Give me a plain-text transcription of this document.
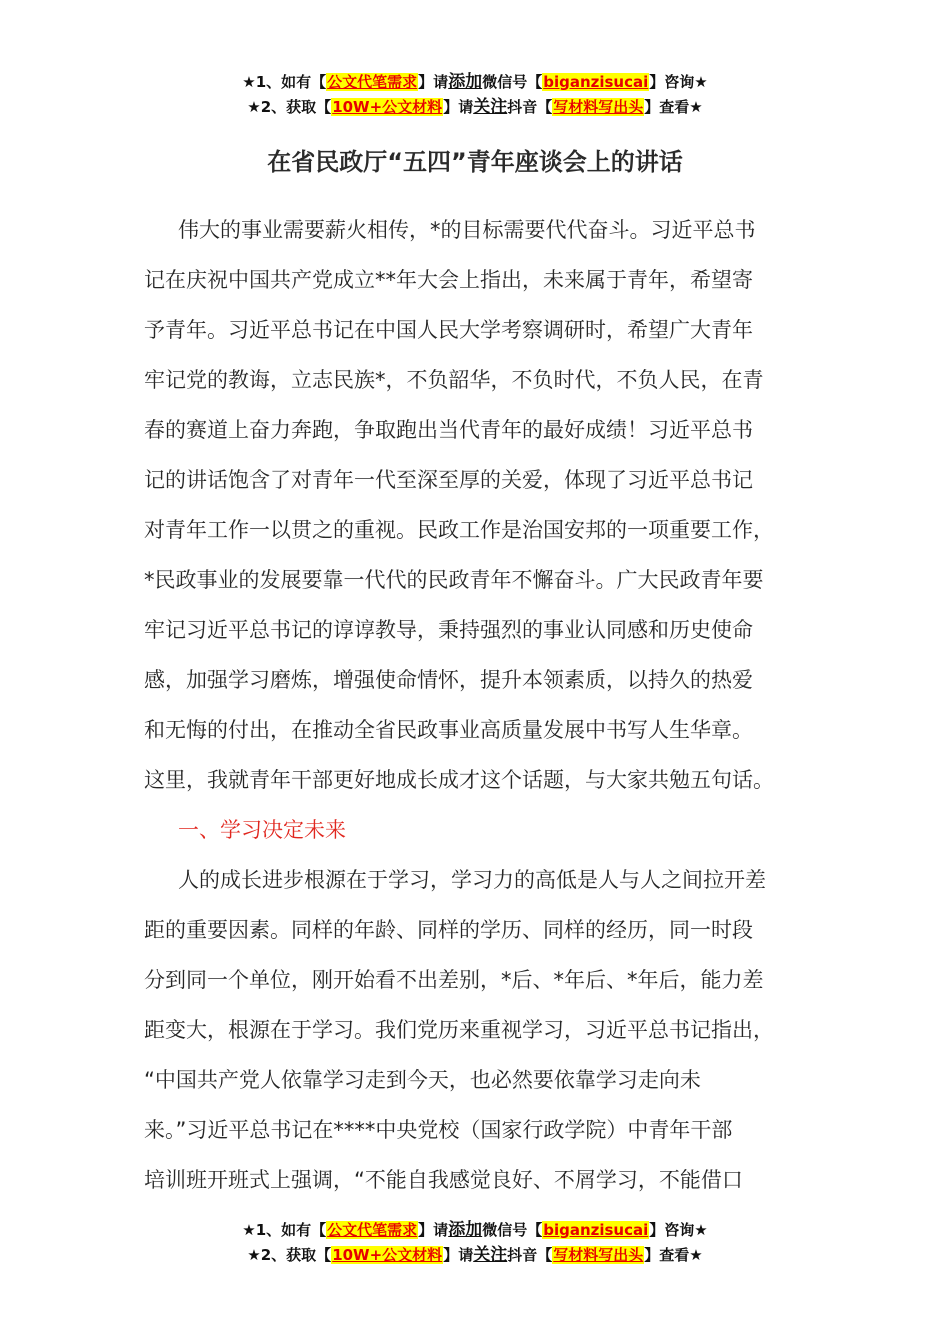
★1、如有【公文代笔需求】请添加微信号【biganzisucai】咨询★
★2、获取【10W+公文材料】请关注抖音【写材料写出头】查看★
在省民政厅“五四”青年座谈会上的讲话
伟大的事业需要薪火相传，*的目标需要代代奋斗。习近平总书
记在庆祝中国共产党成立**年大会上指出，未来属于青年，希望寄
予青年。习近平总书记在中国人民大学考察调研时，希望广大青年
牢记党的教诲，立志民族*，不负韶华，不负时代，不负人民，在青
春的赛道上奋力奔跑，争取跑出当代青年的最好成绩！习近平总书
记的讲话饱含了对青年一代至深至厚的关爱，体现了习近平总书记
对青年工作一以贯之的重视。民政工作是治国安邦的一项重要工作，
*民政事业的发展要靠一代代的民政青年不懈奋斗。广大民政青年要
牢记习近平总书记的谆谆教导，秉持强烈的事业认同感和历史使命
感，加强学习磨炼，增强使命情怀，提升本领素质，以持久的热爱
和无悔的付出，在推动全省民政事业高质量发展中书写人生华章。
这里，我就青年干部更好地成长成才这个话题，与大家共勉五句话。
一、学习决定未来
人的成长进步根源在于学习，学习力的高低是人与人之间拉开差
距的重要因素。同样的年龄、同样的学历、同样的经历，同一时段
分到同一个单位，刚开始看不出差别，*后、*年后、*年后，能力差
距变大，根源在于学习。我们党历来重视学习，习近平总书记指出，
“中国共产党人依靠学习走到今天，也必然要依靠学习走向未
来。”习近平总书记在****中央党校（国家行政学院）中青年干部
培训班开班式上强调，“不能自我感觉良好、不屑学习，不能借口
★1、如有【公文代笔需求】请添加微信号【biganzisucai】咨询★
★2、获取【10W+公文材料】请关注抖音【写材料写出头】查看★
